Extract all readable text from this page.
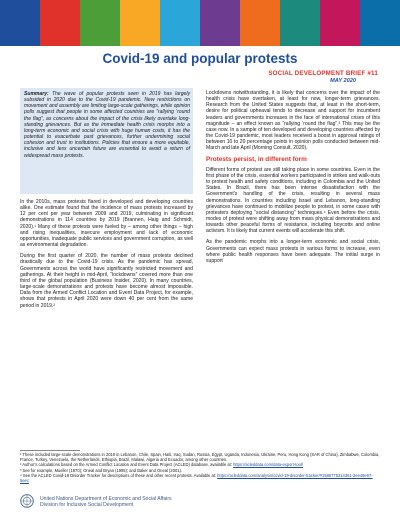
Covid-19 and popular protests
SOCIAL DEVELOPMENT BRIEF #11
MAY 2020
Summary: The wave of popular protests seen in 2019 has largely subsided in 2020 due to the Covid-19 pandemic. New restrictions on movement and assembly are limiting large-scale gatherings, while opinion polls suggest that people in some affected countries are “rallying ‘round the flag”, as concerns about the impact of the crisis likely overtake long-standing grievances. But as the immediate health crisis morphs into a long-term economic and social crisis with huge human costs, it has the potential to exacerbate past grievances, further undermining social cohesion and trust in institutions. Policies that ensure a more equitable, inclusive and less uncertain future are essential to avoid a return of widespread mass protests.

In the 2010s, mass protests flared in developed and developing countries alike. One estimate found that the incidence of mass protests increased by 12 per cent per year between 2009 and 2019, culminating in significant demonstrations in 114 countries by 2019 (Brannen, Haig and Schmidt, 2020).¹ Many of these protests were fueled by – among other things – high and rising inequalities, insecure employment and lack of economic opportunities, inadequate public services and government corruption, as well as environmental degradation.

During the first quarter of 2020, the number of mass protests declined drastically due to the Covid-19 crisis. As the pandemic has spread, Governments across the world have significantly restricted movement and gatherings. At their height in mid-April, “lockdowns” covered more than one third of the global population (Business Insider, 2020). In many countries, large-scale demonstrations and protests have become almost impossible. Data from the Armed Conflict Location and Event Data Project, for example, shows that protests in April 2020 were down 40 per cent from the same period in 2019.²

Lockdowns notwithstanding, it is likely that concerns over the impact of the health crisis have overtaken, at least for now, longer-term grievances. Research from the United States suggests that, at least in the short-term, desire for political upheaval tends to decrease and support for incumbent leaders and governments increases in the face of international crises of this magnitude – an effect known as “rallying ‘round the flag”.³ This may be the case now. In a sample of ten developed and developing countries affected by the Covid-19 pandemic, most leaders received a boost in approval ratings of between 10 to 20 percentage points in opinion polls conducted between mid-March and late April (Morning Consult, 2020).

Protests persist, in different form

Different forms of protest are still taking place in some countries. Even in the first phase of the crisis, essential workers participated in strikes and walk-outs to protest health and safety conditions, including in Colombia and the United States. In Brazil, there has been intense dissatisfaction with the Government’s handling of the crisis, resulting in several mass demonstrations. In countries including Israel and Lebanon, long-standing grievances have continued to mobilize people to protest, in some cases with protesters deploying “social distancing” techniques.⁴ Even before the crisis, modes of protest were shifting away from mass physical demonstrations and towards other peaceful forms of resistance, including boycotts and online activism. It is likely that current events will accelerate this shift.

As the pandemic morphs into a longer-term economic and social crisis, Governments can expect mass protests in various forms to increase, even where public health responses have been adequate. The initial surge in support

¹ These included large-scale demonstrations in 2019 in Lebanon, Chile, Spain, Haiti, Iraq, Sudan, Russia, Egypt, Uganda, Indonesia, Ukraine, Peru, Hong Kong (SAR of China), Zimbabwe, Colombia, France, Turkey, Venezuela, the Netherlands, Ethiopia, Brazil, Malawi, Algeria and Ecuador, among other countries.

² Author’s calculations based on the Armed Conflict Location and Event Data Project (ACLED) database, available at: https://acleddata.com/data-export-tool/

³ See for example, Mueller (1970); Oneal and Bryan (1995); and Baker and Oneal (2001).

⁴ See the ACLED Covid-19 Disorder Tracker for descriptions of these and other recent protests. Available at: https://acleddata.com/analysis/covid-19-disorder-tracker/#1585775314361-2ee49e97-5eec

United Nations Department of Economic and Social Affairs
Division for Inclusive Social Development
